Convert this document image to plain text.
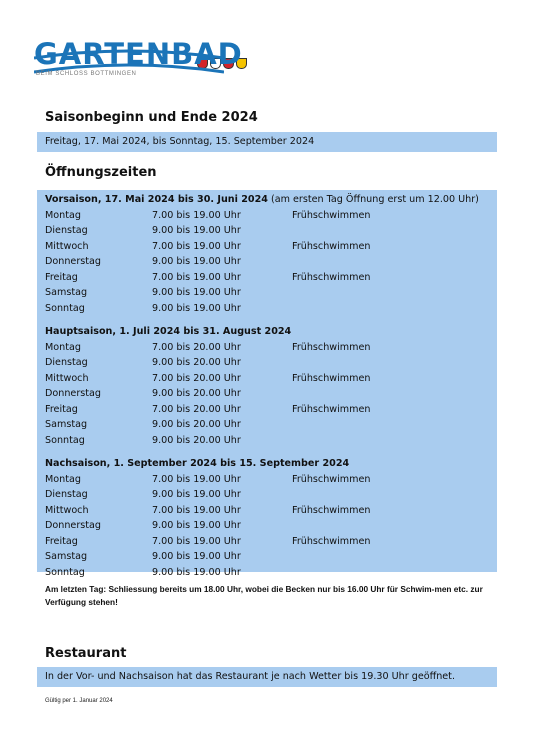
GARTENBAD
BEIM SCHLOSS BOTTMINGEN
Saisonbeginn und Ende 2024
Freitag, 17. Mai 2024, bis Sonntag, 15. September 2024
Öffnungszeiten
Vorsaison, 17. Mai 2024 bis 30. Juni 2024 (am ersten Tag Öffnung erst um 12.00 Uhr)
Montag	7.00 bis 19.00 Uhr	Frühschwimmen
Dienstag	9.00 bis 19.00 Uhr
Mittwoch	7.00 bis 19.00 Uhr	Frühschwimmen
Donnerstag	9.00 bis 19.00 Uhr
Freitag	7.00 bis 19.00 Uhr	Frühschwimmen
Samstag	9.00 bis 19.00 Uhr
Sonntag	9.00 bis 19.00 Uhr
Hauptsaison, 1. Juli 2024 bis 31. August 2024
Montag	7.00 bis 20.00 Uhr	Frühschwimmen
Dienstag	9.00 bis 20.00 Uhr
Mittwoch	7.00 bis 20.00 Uhr	Frühschwimmen
Donnerstag	9.00 bis 20.00 Uhr
Freitag	7.00 bis 20.00 Uhr	Frühschwimmen
Samstag	9.00 bis 20.00 Uhr
Sonntag	9.00 bis 20.00 Uhr
Nachsaison, 1. September 2024 bis 15. September 2024
Montag	7.00 bis 19.00 Uhr	Frühschwimmen
Dienstag	9.00 bis 19.00 Uhr
Mittwoch	7.00 bis 19.00 Uhr	Frühschwimmen
Donnerstag	9.00 bis 19.00 Uhr
Freitag	7.00 bis 19.00 Uhr	Frühschwimmen
Samstag	9.00 bis 19.00 Uhr
Sonntag	9.00 bis 19.00 Uhr
Am letzten Tag: Schliessung bereits um 18.00 Uhr, wobei die Becken nur bis 16.00 Uhr für Schwim-men etc. zur Verfügung stehen!
Restaurant
In der Vor- und Nachsaison hat das Restaurant je nach Wetter bis 19.30 Uhr geöffnet.
Gültig per 1. Januar 2024
